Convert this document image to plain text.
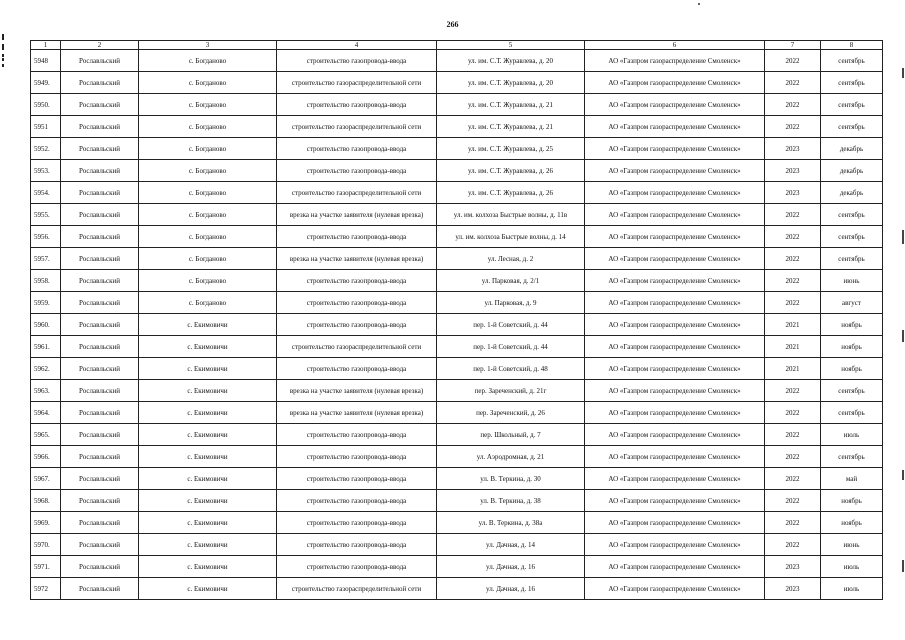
266
1	2	3	4	5	6	7	8
5948	Рославльский	с. Богданово	строительство газопровода-ввода	ул. им. С.Т. Журавлева, д. 20	АО «Газпром газораспределение Смоленск»	2022	сентябрь
5949.	Рославльский	с. Богданово	строительство газораспределительной сети	ул. им. С.Т. Журавлева, д. 20	АО «Газпром газораспределение Смоленск»	2022	сентябрь
5950.	Рославльский	с. Богданово	строительство газопровода-ввода	ул. им. С.Т. Журавлева, д. 21	АО «Газпром газораспределение Смоленск»	2022	сентябрь
5951	Рославльский	с. Богданово	строительство газораспределительной сети	ул. им. С.Т. Журавлева, д. 21	АО «Газпром газораспределение Смоленск»	2022	сентябрь
5952.	Рославльский	с. Богданово	строительство газопровода-ввода	ул. им. С.Т. Журавлева, д. 25	АО «Газпром газораспределение Смоленск»	2023	декабрь
5953.	Рославльский	с. Богданово	строительство газопровода-ввода	ул. им. С.Т. Журавлева, д. 26	АО «Газпром газораспределение Смоленск»	2023	декабрь
5954.	Рославльский	с. Богданово	строительство газораспределительной сети	ул. им. С.Т. Журавлева, д. 26	АО «Газпром газораспределение Смоленск»	2023	декабрь
5955.	Рославльский	с. Богданово	врезка на участке заявителя (нулевая врезка)	ул. им. колхоза Быстрые волны, д. 11в	АО «Газпром газораспределение Смоленск»	2022	сентябрь
5956.	Рославльский	с. Богданово	строительство газопровода-ввода	ул. им. колхоза Быстрые волны, д. 14	АО «Газпром газораспределение Смоленск»	2022	сентябрь
5957.	Рославльский	с. Богданово	врезка на участке заявителя (нулевая врезка)	ул. Лесная, д. 2	АО «Газпром газораспределение Смоленск»	2022	сентябрь
5958.	Рославльский	с. Богданово	строительство газопровода-ввода	ул. Парковая, д. 2/1	АО «Газпром газораспределение Смоленск»	2022	июнь
5959.	Рославльский	с. Богданово	строительство газопровода-ввода	ул. Парковая, д. 9	АО «Газпром газораспределение Смоленск»	2022	август
5960.	Рославльский	с. Екимовичи	строительство газопровода-ввода	пер. 1-й Советский, д. 44	АО «Газпром газораспределение Смоленск»	2021	ноябрь
5961.	Рославльский	с. Екимовичи	строительство газораспределительной сети	пер. 1-й Советский, д. 44	АО «Газпром газораспределение Смоленск»	2021	ноябрь
5962.	Рославльский	с. Екимовичи	строительство газопровода-ввода	пер. 1-й Советский, д. 48	АО «Газпром газораспределение Смоленск»	2021	ноябрь
5963.	Рославльский	с. Екимовичи	врезка на участке заявителя (нулевая врезка)	пер. Зареченский, д. 21г	АО «Газпром газораспределение Смоленск»	2022	сентябрь
5964.	Рославльский	с. Екимовичи	врезка на участке заявителя (нулевая врезка)	пер. Зареченский, д. 26	АО «Газпром газораспределение Смоленск»	2022	сентябрь
5965.	Рославльский	с. Екимовичи	строительство газопровода-ввода	пер. Школьный, д. 7	АО «Газпром газораспределение Смоленск»	2022	июль
5966.	Рославльский	с. Екимовичи	строительство газопровода-ввода	ул. Аэродромная, д. 21	АО «Газпром газораспределение Смоленск»	2022	сентябрь
5967.	Рославльский	с. Екимовичи	строительство газопровода-ввода	ул. В. Теркина, д. 30	АО «Газпром газораспределение Смоленск»	2022	май
5968.	Рославльский	с. Екимовичи	строительство газопровода-ввода	ул. В. Теркина, д. 38	АО «Газпром газораспределение Смоленск»	2022	ноябрь
5969.	Рославльский	с. Екимовичи	строительство газопровода-ввода	ул. В. Теркина, д. 38а	АО «Газпром газораспределение Смоленск»	2022	ноябрь
5970.	Рославльский	с. Екимовичи	строительство газопровода-ввода	ул. Дачная, д. 14	АО «Газпром газораспределение Смоленск»	2022	июнь
5971.	Рославльский	с. Екимовичи	строительство газопровода-ввода	ул. Дачная, д. 16	АО «Газпром газораспределение Смоленск»	2023	июль
5972	Рославльский	с. Екимовичи	строительство газораспределительной сети	ул. Дачная, д. 16	АО «Газпром газораспределение Смоленск»	2023	июль
